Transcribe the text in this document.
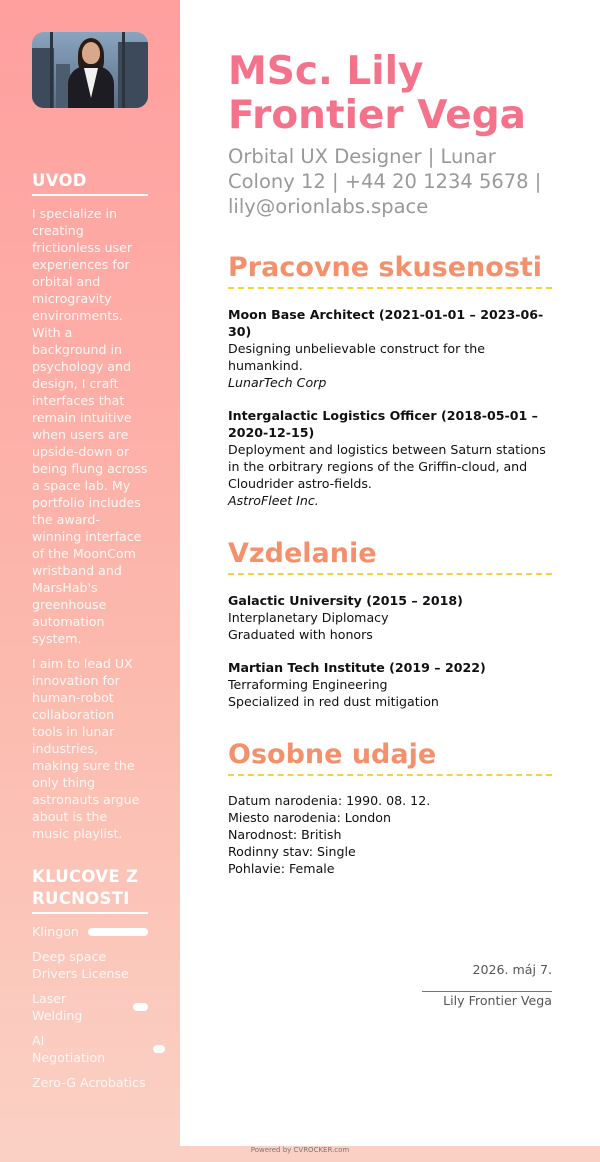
UVOD

I specialize in creating frictionless user experiences for orbital and microgravity environments. With a background in psychology and design, I craft interfaces that remain intuitive when users are upside-down or being flung across a space lab. My portfolio includes the award-winning interface of the MoonCom wristband and MarsHab's greenhouse automation system.

I aim to lead UX innovation for human-robot collaboration tools in lunar industries, making sure the only thing astronauts argue about is the music playlist.

KLUCOVE ZRUCNOSTI
Klingon
Deep space Drivers License
Laser Welding
AI Negotiation
Zero-G Acrobatics
MSc. Lily Frontier Vega
Orbital UX Designer | Lunar Colony 12 | +44 20 1234 5678 | lily@orionlabs.space
Pracovne skusenosti
Moon Base Architect (2021-01-01 – 2023-06-30)
Designing unbelievable construct for the humankind.
LunarTech Corp
Intergalactic Logistics Officer (2018-05-01 – 2020-12-15)
Deployment and logistics between Saturn stations in the orbitrary regions of the Griffin-cloud, and Cloudrider astro-fields.
AstroFleet Inc.
Vzdelanie
Galactic University (2015 – 2018)
Interplanetary Diplomacy
Graduated with honors
Martian Tech Institute (2019 – 2022)
Terraforming Engineering
Specialized in red dust mitigation
Osobne udaje
Datum narodenia: 1990. 08. 12.
Miesto narodenia: London
Narodnost: British
Rodinny stav: Single
Pohlavie: Female
2026. máj 7.
Lily Frontier Vega
Powered by CVROCKER.com
